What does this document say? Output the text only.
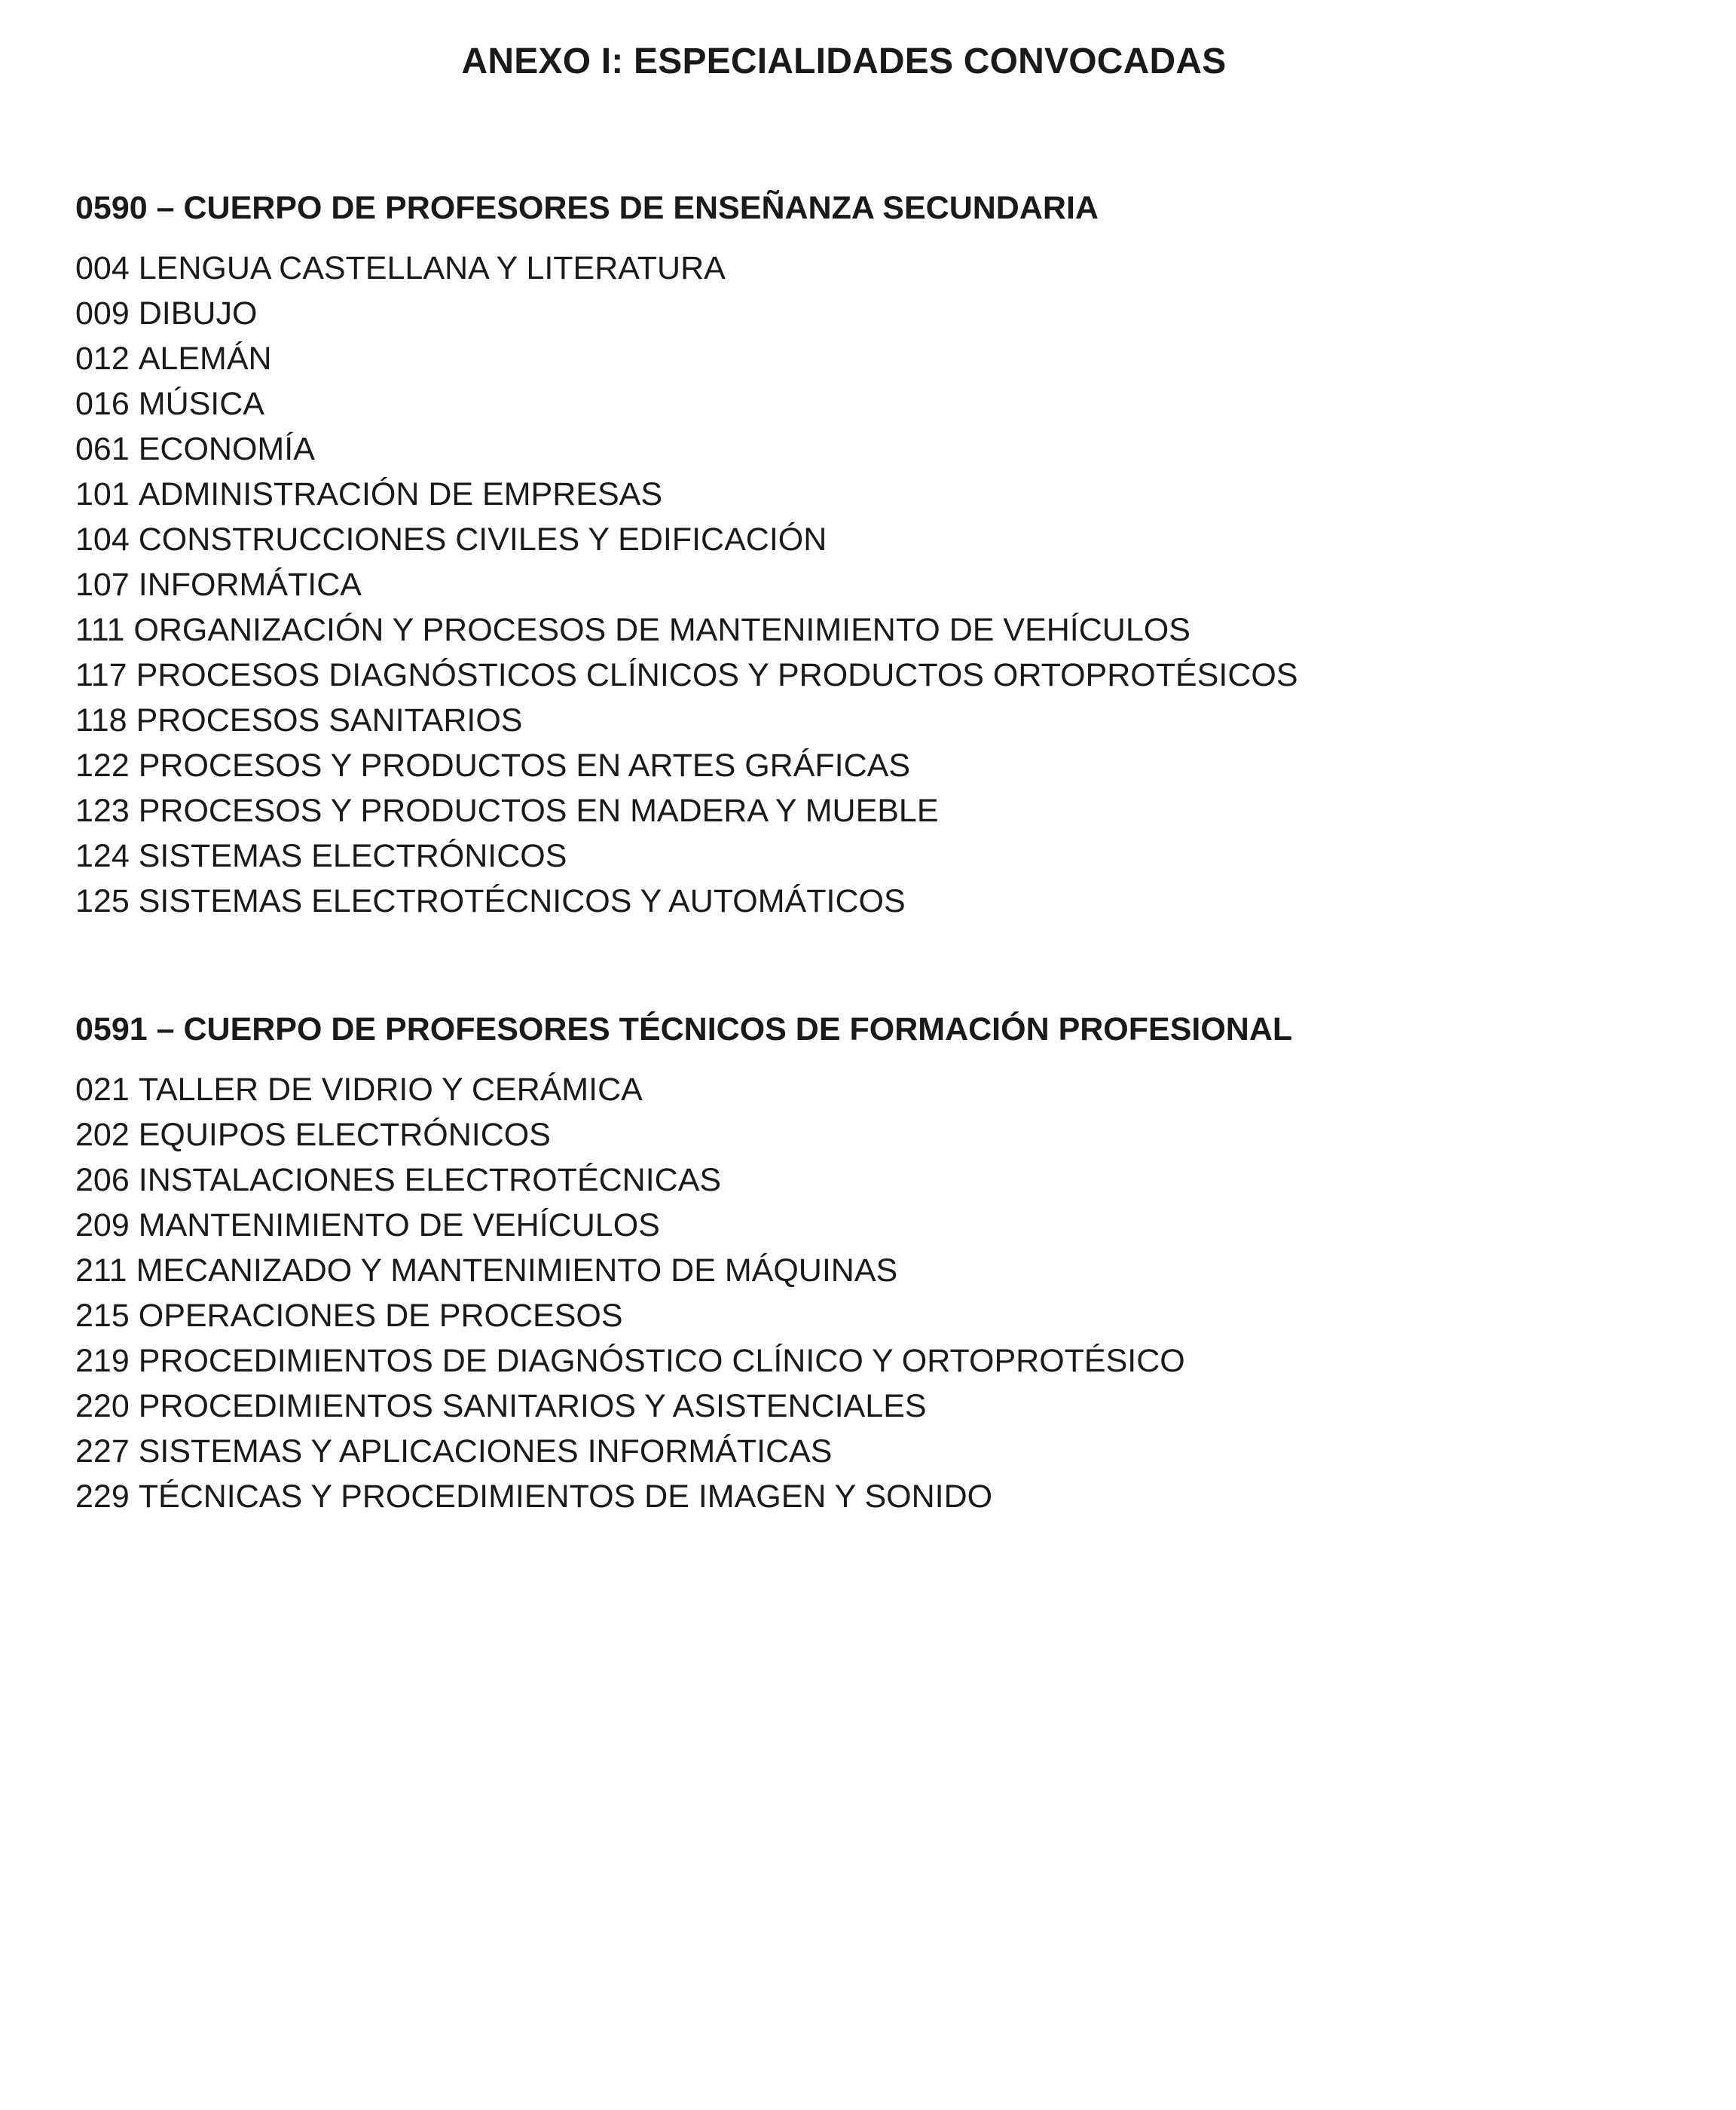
ANEXO I: ESPECIALIDADES CONVOCADAS
0590 – CUERPO DE PROFESORES DE ENSEÑANZA SECUNDARIA
004 LENGUA CASTELLANA Y LITERATURA
009 DIBUJO
012 ALEMÁN
016 MÚSICA
061 ECONOMÍA
101 ADMINISTRACIÓN DE EMPRESAS
104 CONSTRUCCIONES CIVILES Y EDIFICACIÓN
107 INFORMÁTICA
111 ORGANIZACIÓN Y PROCESOS DE MANTENIMIENTO DE VEHÍCULOS
117 PROCESOS DIAGNÓSTICOS CLÍNICOS Y PRODUCTOS ORTOPROTÉSICOS
118 PROCESOS SANITARIOS
122 PROCESOS Y PRODUCTOS EN ARTES GRÁFICAS
123 PROCESOS Y PRODUCTOS EN MADERA Y MUEBLE
124 SISTEMAS ELECTRÓNICOS
125 SISTEMAS ELECTROTÉCNICOS Y AUTOMÁTICOS
0591 – CUERPO DE PROFESORES TÉCNICOS DE FORMACIÓN PROFESIONAL
021 TALLER DE VIDRIO Y CERÁMICA
202 EQUIPOS ELECTRÓNICOS
206 INSTALACIONES ELECTROTÉCNICAS
209 MANTENIMIENTO DE VEHÍCULOS
211 MECANIZADO Y MANTENIMIENTO DE MÁQUINAS
215 OPERACIONES DE PROCESOS
219 PROCEDIMIENTOS DE DIAGNÓSTICO CLÍNICO Y ORTOPROTÉSICO
220 PROCEDIMIENTOS SANITARIOS Y ASISTENCIALES
227 SISTEMAS Y APLICACIONES INFORMÁTICAS
229 TÉCNICAS Y PROCEDIMIENTOS DE IMAGEN Y SONIDO
